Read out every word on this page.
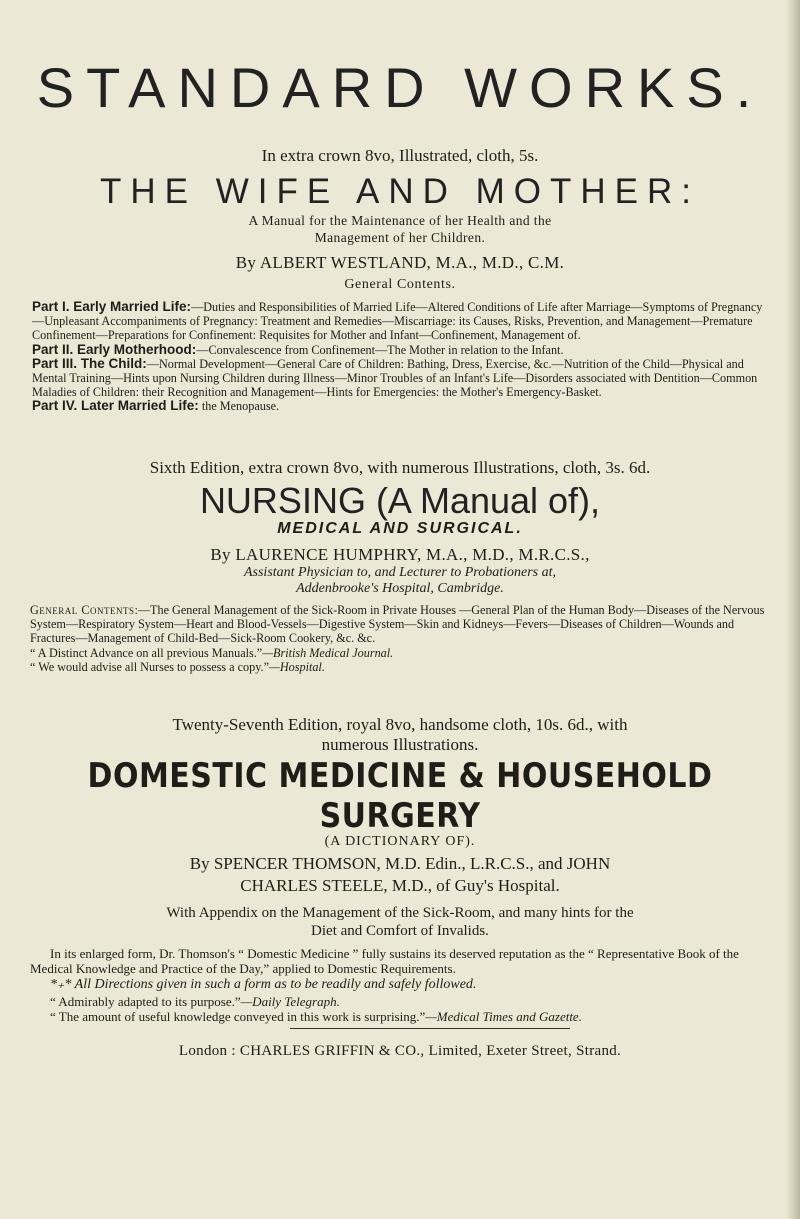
STANDARD WORKS.
In extra crown 8vo, Illustrated, cloth, 5s.
THE WIFE AND MOTHER:
A Manual for the Maintenance of her Health and the
Management of her Children.
By ALBERT WESTLAND, M.A., M.D., C.M.
General Contents.

Part I. Early Married Life:—Duties and Responsibilities of Married Life—Altered Conditions of Life after Marriage—Symptoms of Pregnancy—Unpleasant Accompaniments of Pregnancy: Treatment and Remedies—Miscarriage: its Causes, Risks, Prevention, and Management—Premature Confinement—Preparations for Confinement: Requisites for Mother and Infant—Confinement, Management of.

Part II. Early Motherhood:—Convalescence from Confinement—The Mother in relation to the Infant.

Part III. The Child:—Normal Development—General Care of Children: Bathing, Dress, Exercise, &c.—Nutrition of the Child—Physical and Mental Training—Hints upon Nursing Children during Illness—Minor Troubles of an Infant's Life—Disorders associated with Dentition—Common Maladies of Children: their Recognition and Management—Hints for Emergencies: the Mother's Emergency-Basket.

Part IV. Later Married Life: the Menopause.

Sixth Edition, extra crown 8vo, with numerous Illustrations, cloth, 3s. 6d.
NURSING (A Manual of),
MEDICAL AND SURGICAL.
By LAURENCE HUMPHRY, M.A., M.D., M.R.C.S.,
Assistant Physician to, and Lecturer to Probationers at,
Addenbrooke's Hospital, Cambridge.

General Contents:—The General Management of the Sick-Room in Private Houses —General Plan of the Human Body—Diseases of the Nervous System—Respiratory System—Heart and Blood-Vessels—Digestive System—Skin and Kidneys—Fevers—Diseases of Children—Wounds and Fractures—Management of Child-Bed—Sick-Room Cookery, &c. &c.

“ A Distinct Advance on all previous Manuals.”—British Medical Journal.

“ We would advise all Nurses to possess a copy.”—Hospital.

Twenty-Seventh Edition, royal 8vo, handsome cloth, 10s. 6d., with
numerous Illustrations.
DOMESTIC MEDICINE & HOUSEHOLD SURGERY
(A DICTIONARY OF).
By SPENCER THOMSON, M.D. Edin., L.R.C.S., and JOHN
CHARLES STEELE, M.D., of Guy's Hospital.
With Appendix on the Management of the Sick-Room, and many hints for the
Diet and Comfort of Invalids.

In its enlarged form, Dr. Thomson's “ Domestic Medicine ” fully sustains its deserved reputation as the “ Representative Book of the Medical Knowledge and Practice of the Day,” applied to Domestic Requirements.

*₊* All Directions given in such a form as to be readily and safely followed.

“ Admirably adapted to its purpose.”—Daily Telegraph.

“ The amount of useful knowledge conveyed in this work is surprising.”—Medical Times and Gazette.

London : CHARLES GRIFFIN & CO., Limited, Exeter Street, Strand.
